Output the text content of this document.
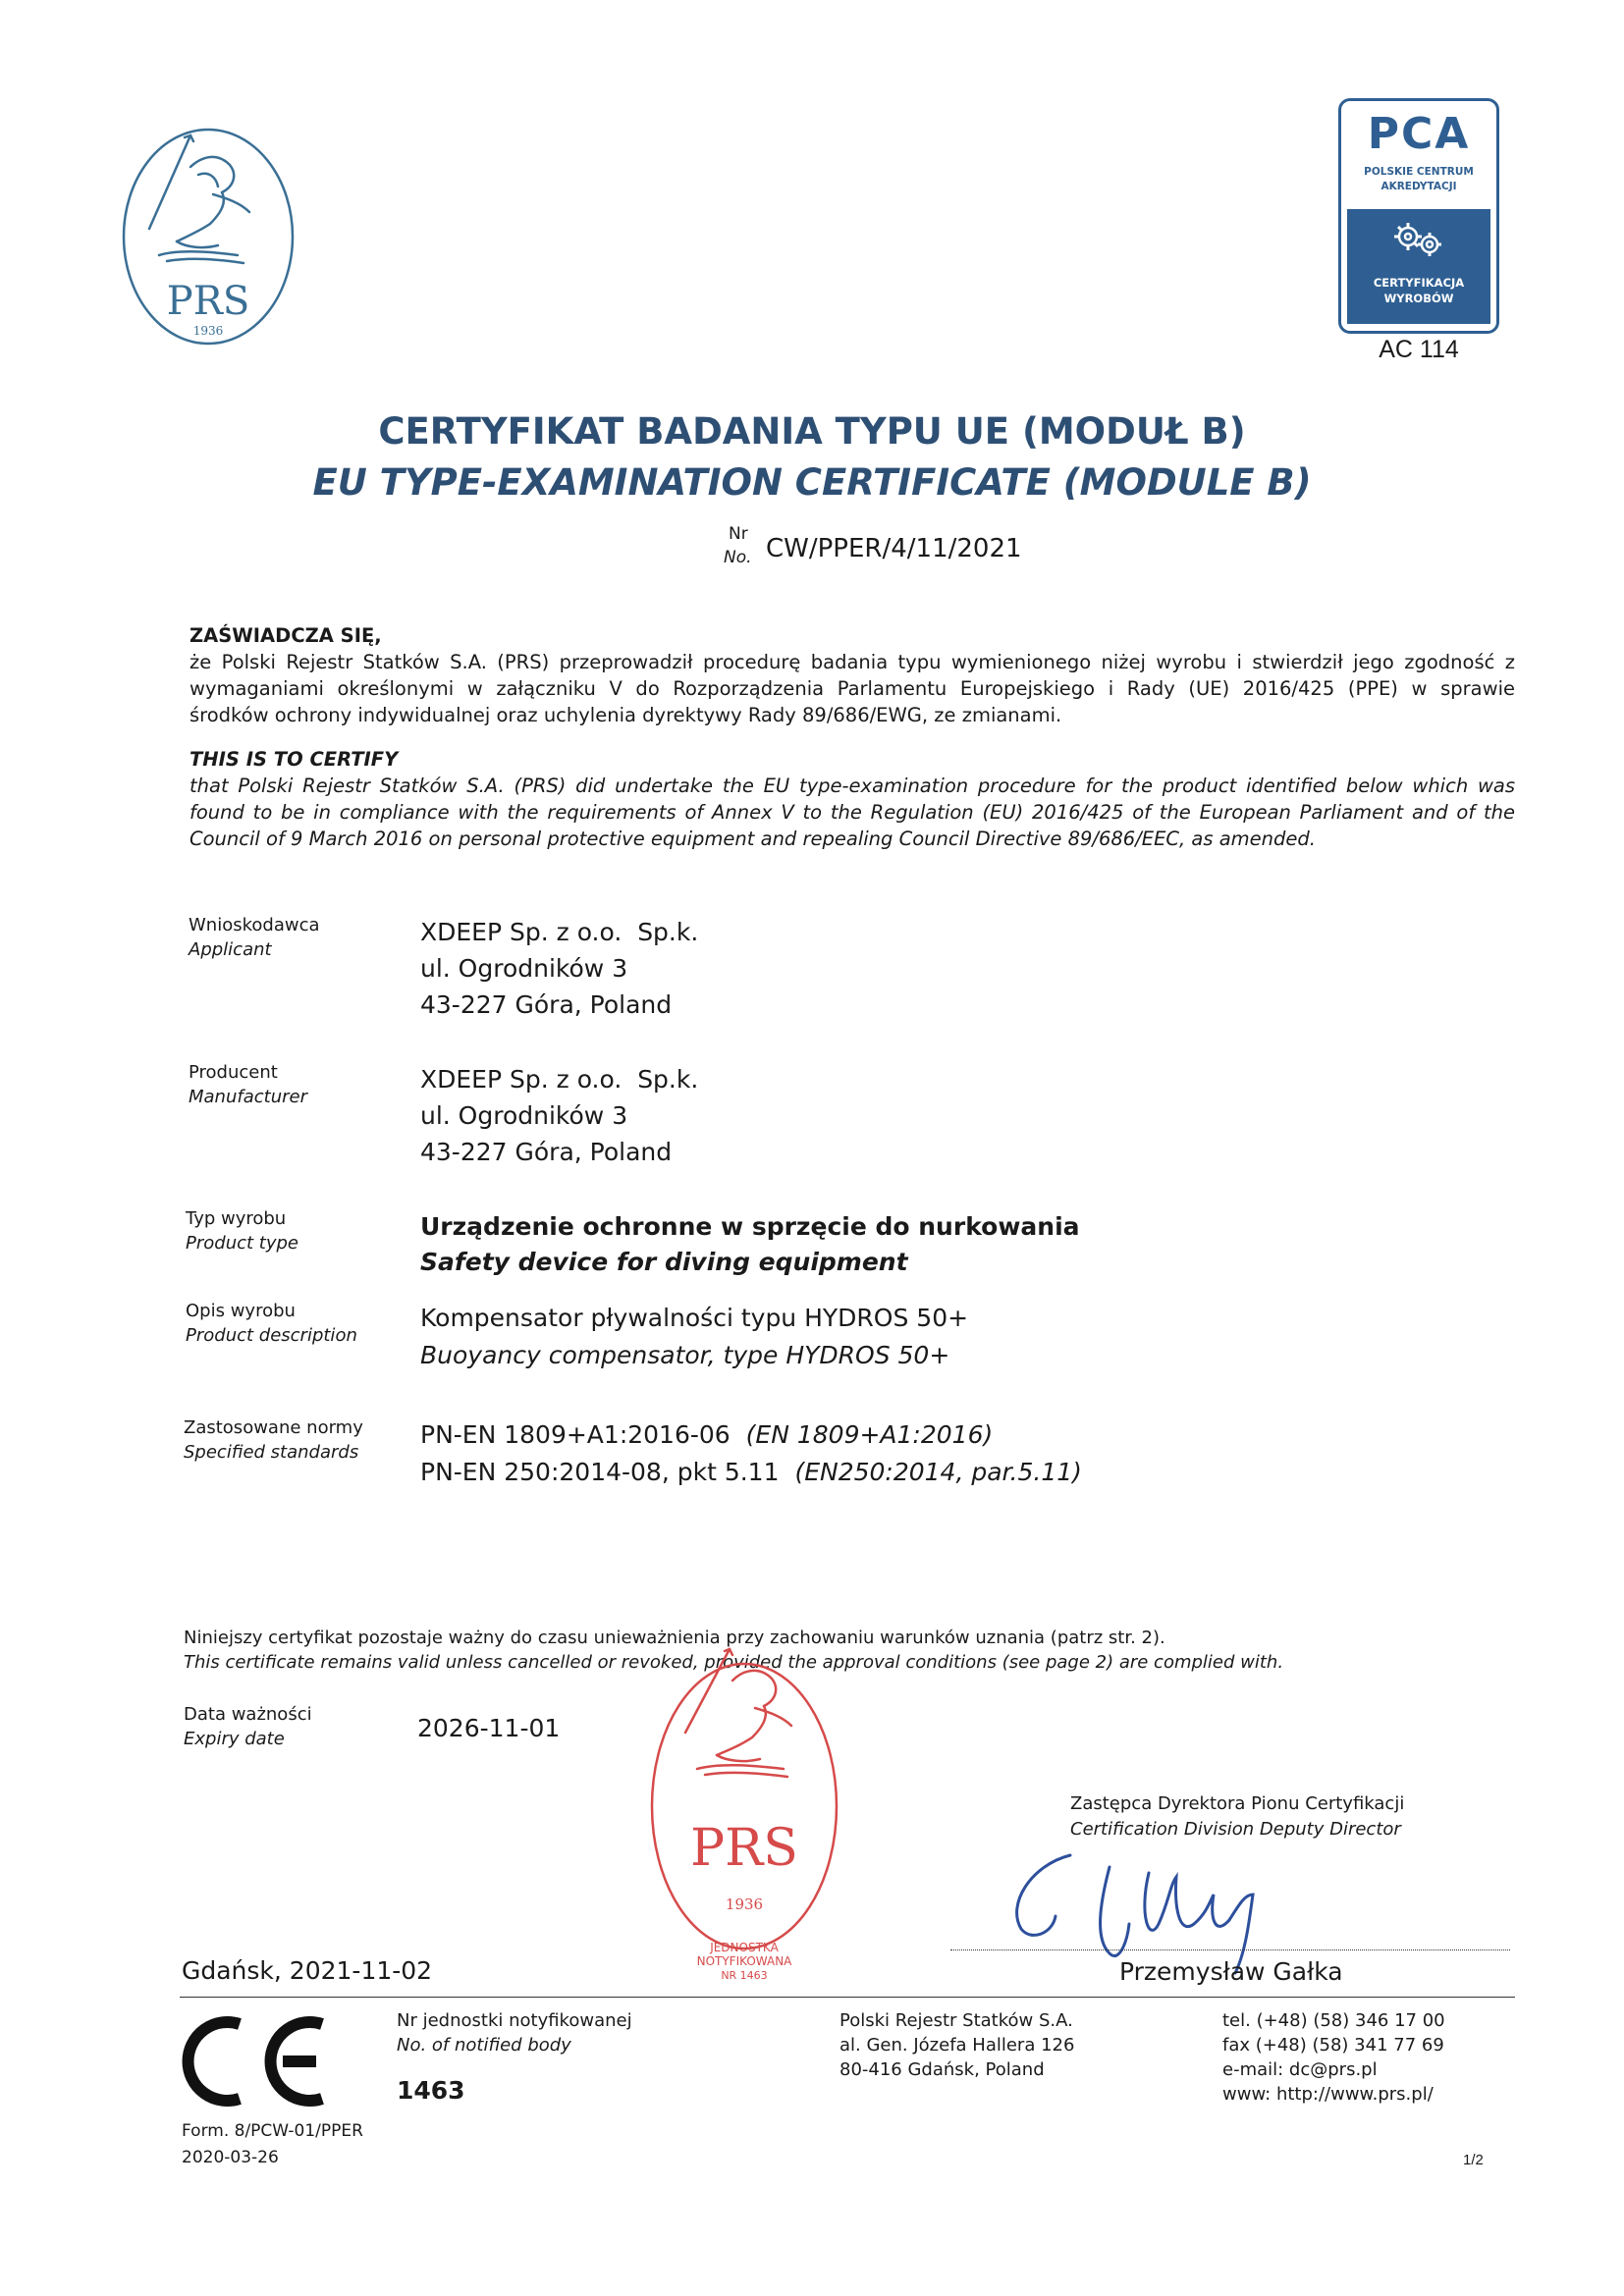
PRS
1936
PCA
POLSKIE CENTRUM
AKREDYTACJI
CERTYFIKACJA
WYROBÓW
AC 114
CERTYFIKAT BADANIA TYPU UE (MODUŁ B)
EU TYPE-EXAMINATION CERTIFICATE (MODULE B)
Nr
No. CW/PPER/4/11/2021
ZAŚWIADCZA SIĘ,
że Polski Rejestr Statków S.A. (PRS) przeprowadził procedurę badania typu wymienionego niżej wyrobu i stwierdził jego zgodność z
wymaganiami określonymi w załączniku V do Rozporządzenia Parlamentu Europejskiego i Rady (UE) 2016/425 (PPE) w sprawie
środków ochrony indywidualnej oraz uchylenia dyrektywy Rady 89/686/EWG, ze zmianami.
THIS IS TO CERTIFY
that Polski Rejestr Statków S.A. (PRS) did undertake the EU type-examination procedure for the product identified below which was
found to be in compliance with the requirements of Annex V to the Regulation (EU) 2016/425 of the European Parliament and of the
Council of 9 March 2016 on personal protective equipment and repealing Council Directive 89/686/EEC, as amended.
Wnioskodawca
Applicant
XDEEP Sp. z o.o.  Sp.k.
ul. Ogrodników 3
43-227 Góra, Poland
Producent
Manufacturer
XDEEP Sp. z o.o.  Sp.k.
ul. Ogrodników 3
43-227 Góra, Poland
Typ wyrobu
Product type
Urządzenie ochronne w sprzęcie do nurkowania
Safety device for diving equipment
Opis wyrobu
Product description
Kompensator pływalności typu HYDROS 50+
Buoyancy compensator, type HYDROS 50+
Zastosowane normy
Specified standards
PN-EN 1809+A1:2016-06 (EN 1809+A1:2016)
PN-EN 250:2014-08, pkt 5.11 (EN250:2014, par.5.11)
Niniejszy certyfikat pozostaje ważny do czasu unieważnienia przy zachowaniu warunków uznania (patrz str. 2).
This certificate remains valid unless cancelled or revoked, provided the approval conditions (see page 2) are complied with.
Data ważności
Expiry date	2026-11-01
PRS
1936
JEDNOSTKA
NOTYFIKOWANA
NR 1463
Zastępca Dyrektora Pionu Certyfikacji
Certification Division Deputy Director
Przemysław Gałka
Gdańsk, 2021-11-02
Nr jednostki notyfikowanej
No. of notified body
1463
Polski Rejestr Statków S.A.
al. Gen. Józefa Hallera 126
80-416 Gdańsk, Poland
tel. (+48) (58) 346 17 00
fax (+48) (58) 341 77 69
e-mail: dc@prs.pl
www: http://www.prs.pl/
Form. 8/PCW-01/PPER
2020-03-26	1/2
